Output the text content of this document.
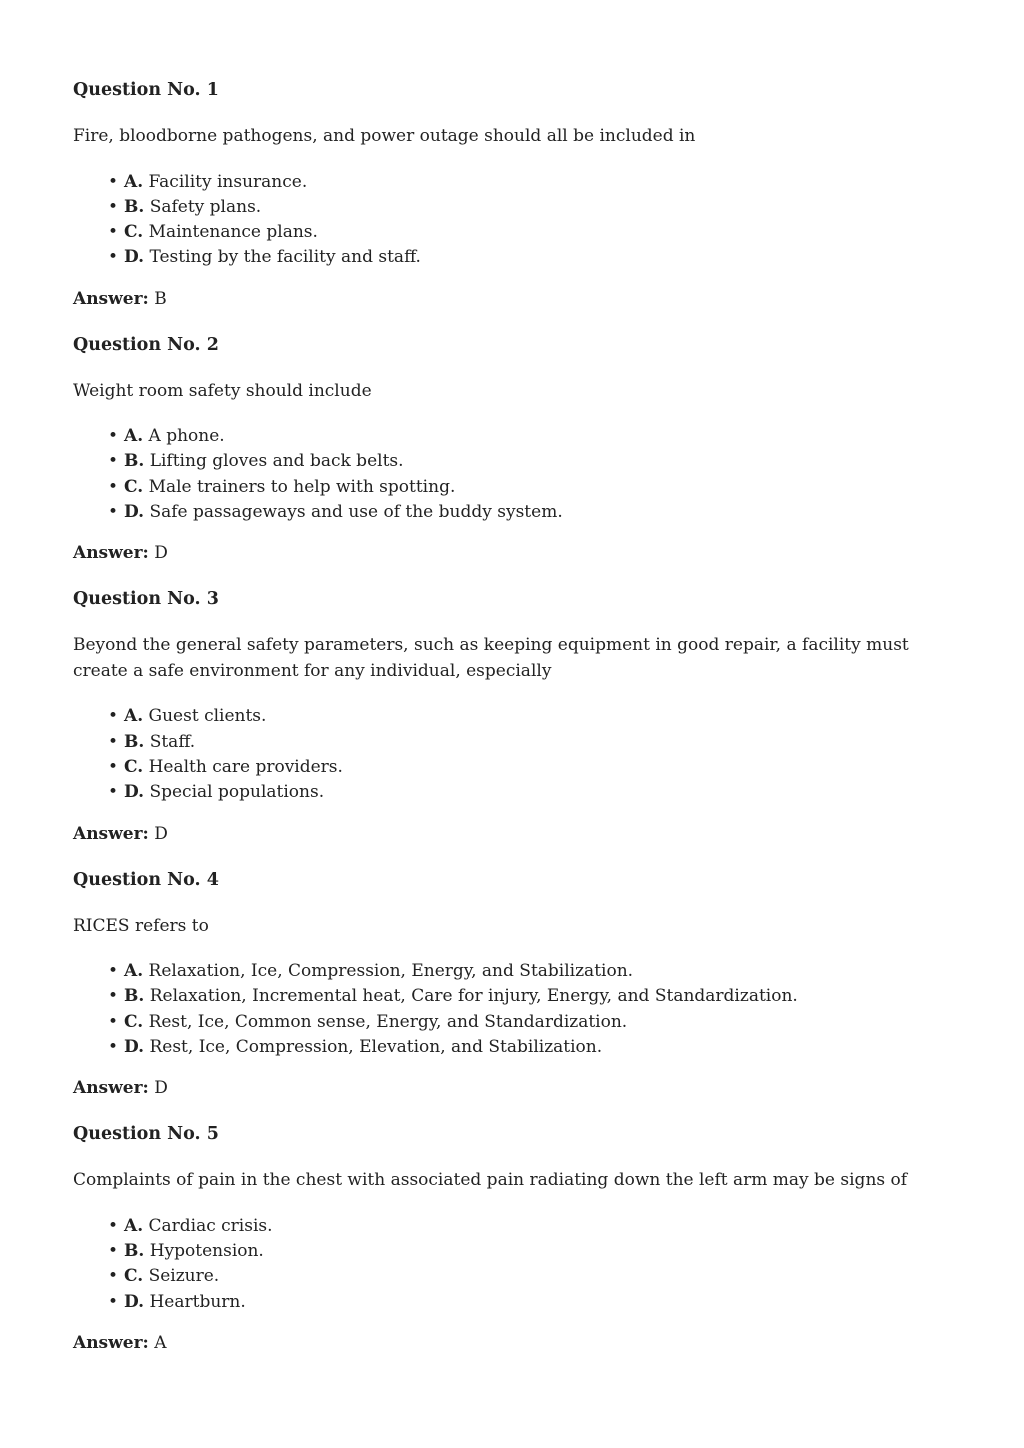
Question No. 1

Fire, bloodborne pathogens, and power outage should all be included in

• A. Facility insurance.
• B. Safety plans.
• C. Maintenance plans.
• D. Testing by the facility and staff.

Answer: B

Question No. 2

Weight room safety should include

• A. A phone.
• B. Lifting gloves and back belts.
• C. Male trainers to help with spotting.
• D. Safe passageways and use of the buddy system.

Answer: D

Question No. 3

Beyond the general safety parameters, such as keeping equipment in good repair, a facility must create a safe environment for any individual, especially

• A. Guest clients.
• B. Staff.
• C. Health care providers.
• D. Special populations.

Answer: D

Question No. 4

RICES refers to

• A. Relaxation, Ice, Compression, Energy, and Stabilization.
• B. Relaxation, Incremental heat, Care for injury, Energy, and Standardization.
• C. Rest, Ice, Common sense, Energy, and Standardization.
• D. Rest, Ice, Compression, Elevation, and Stabilization.

Answer: D

Question No. 5

Complaints of pain in the chest with associated pain radiating down the left arm may be signs of

• A. Cardiac crisis.
• B. Hypotension.
• C. Seizure.
• D. Heartburn.

Answer: A
